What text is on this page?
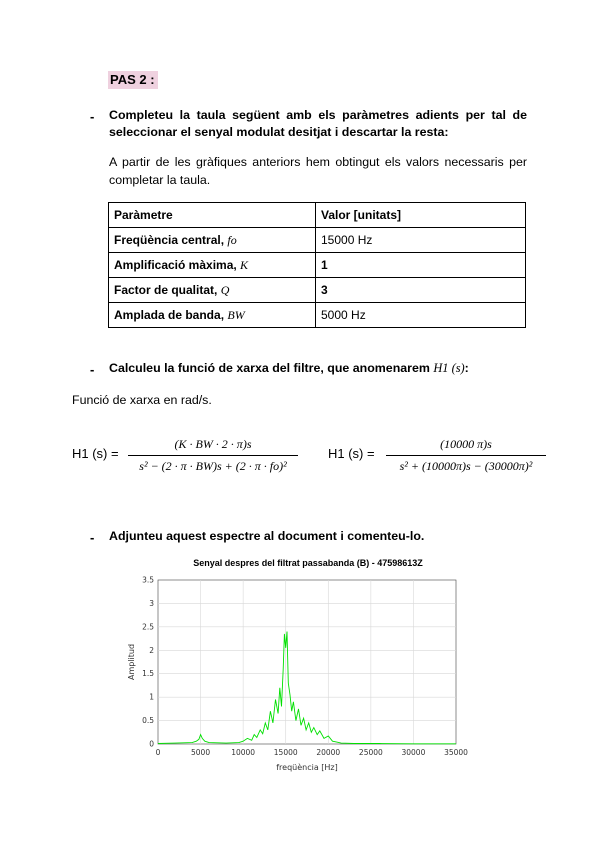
PAS 2 :
- Completeu la taula següent amb els paràmetres adients per tal de seleccionar el senyal modulat desitjat i descartar la resta:
A partir de les gràfiques anteriors hem obtingut els valors necessaris per completar la taula.
Paràmetre	Valor [unitats]
Freqüència central, fo	15000 Hz
Amplificació màxima, K	1
Factor de qualitat, Q	3
Amplada de banda, BW	5000 Hz
- Calculeu la funció de xarxa del filtre, que anomenarem H1 (s):
Funció de xarxa en rad/s.
H1 $(s) = \frac{(K \cdot BW \cdot 2 \cdot \pi)s}{\text{s² − (2 · π · BW)s + (2 · π · fo)²}} H1$ $(s) = \frac{(10000 \pi)s}{\text{s² + (10000π)s − (30000π)²}}$
- Adjunteu aquest espectre al document i comenteu-lo.
Senyal despres del filtrat passabanda (B) - 47598613Z
0	5000	10000 15000 20000 25000 30000 35000
0
0.5
1
1.5
2
2.5
3
3.5
freqüència [Hz]
Amplitud
